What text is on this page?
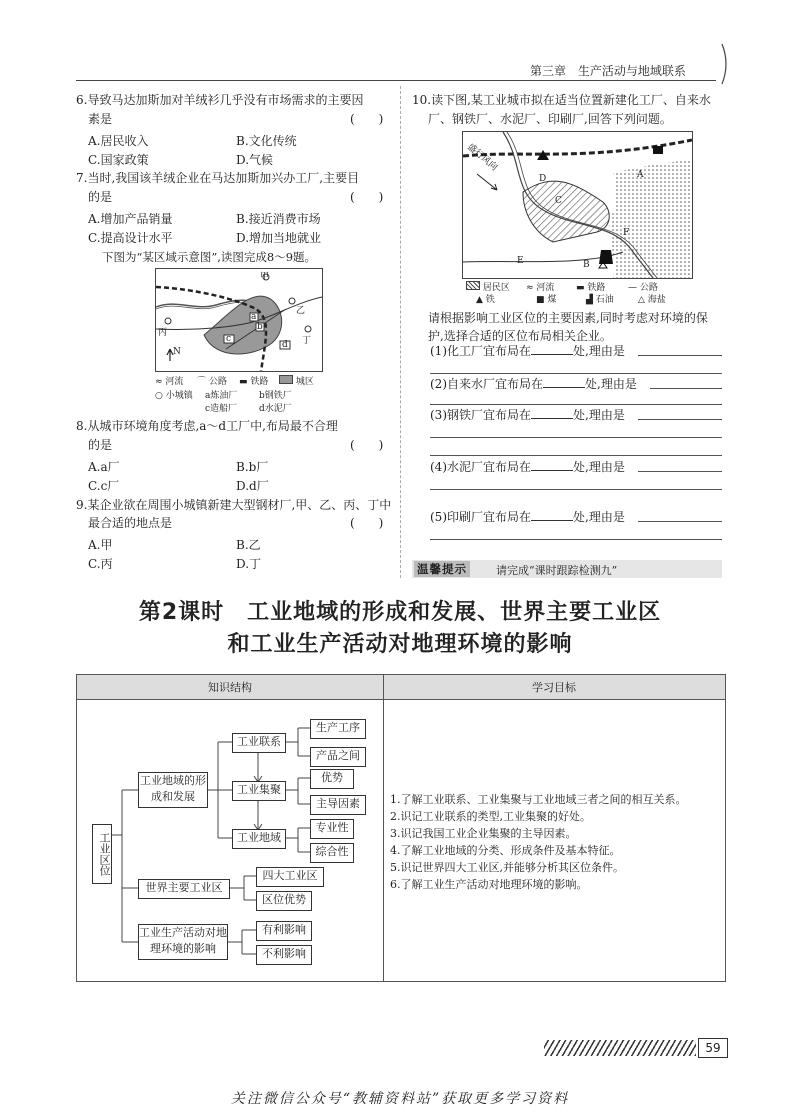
第三章 生产活动与地域联系
6.导致马达加斯加对羊绒衫几乎没有市场需求的主要因
素是	(　　)
A.居民收入	B.文化传统
C.国家政策	D.气候
7.当时,我国该羊绒企业在马达加斯加兴办工厂,主要目
的是	(　　)
A.增加产品销量	B.接近消费市场
C.提高设计水平	D.增加当地就业
下图为“某区域示意图”,读图完成8～9题。
甲
乙
丙
丁
a
b
c
d
N
≈ 河流 ⌒ 公路 ▬ 铁路	城区
○ 小城镇 a炼油厂 b钢铁厂
c造船厂 d水泥厂
8.从城市环境角度考虑,a～d工厂中,布局最不合理
的是	(　　)
A.a厂	B.b厂
C.c厂	D.d厂
9.某企业欲在周围小城镇新建大型钢材厂,甲、乙、丙、丁中
最合适的地点是	(　　)
A.甲	B.乙
C.丙	D.丁
10.读下图,某工业城市拟在适当位置新建化工厂、自来水
厂、钢铁厂、水泥厂、印刷厂,回答下列问题。
盛行风向
A
B
C
D
E
F
居民区 ≈ 河流 ▬ 铁路	— 公路
▲ 铁	■ 煤	▟ 石油	△ 海盐
请根据影响工业区位的主要因素,同时考虑对环境的保
护,选择合适的区位布局相关企业。
(1)化工厂宜布局在	处,理由是
(2)自来水厂宜布局在	处,理由是
(3)钢铁厂宜布局在	处,理由是
(4)水泥厂宜布局在	处,理由是
(5)印刷厂宜布局在	处,理由是
温馨提示	请完成“课时跟踪检测九”
第2课时　工业地域的形成和发展、世界主要工业区
和工业生产活动对地理环境的影响
知识结构	学习目标
工业区位
工业地域的形成和发展
世界主要工业区
工业生产活动对地理环境的影响
工业联系
工业集聚
工业地域
生产工序
产品之间
优势
主导因素
专业性
综合性
四大工业区
区位优势
有利影响
不利影响
1.了解工业联系、工业集聚与工业地域三者之间的相互关系。
2.识记工业联系的类型,工业集聚的好处。
3.识记我国工业企业集聚的主导因素。
4.了解工业地域的分类、形成条件及基本特征。
5.识记世界四大工业区,并能够分析其区位条件。
6.了解工业生产活动对地理环境的影响。
59
关注微信公众号“教辅资料站”获取更多学习资料
